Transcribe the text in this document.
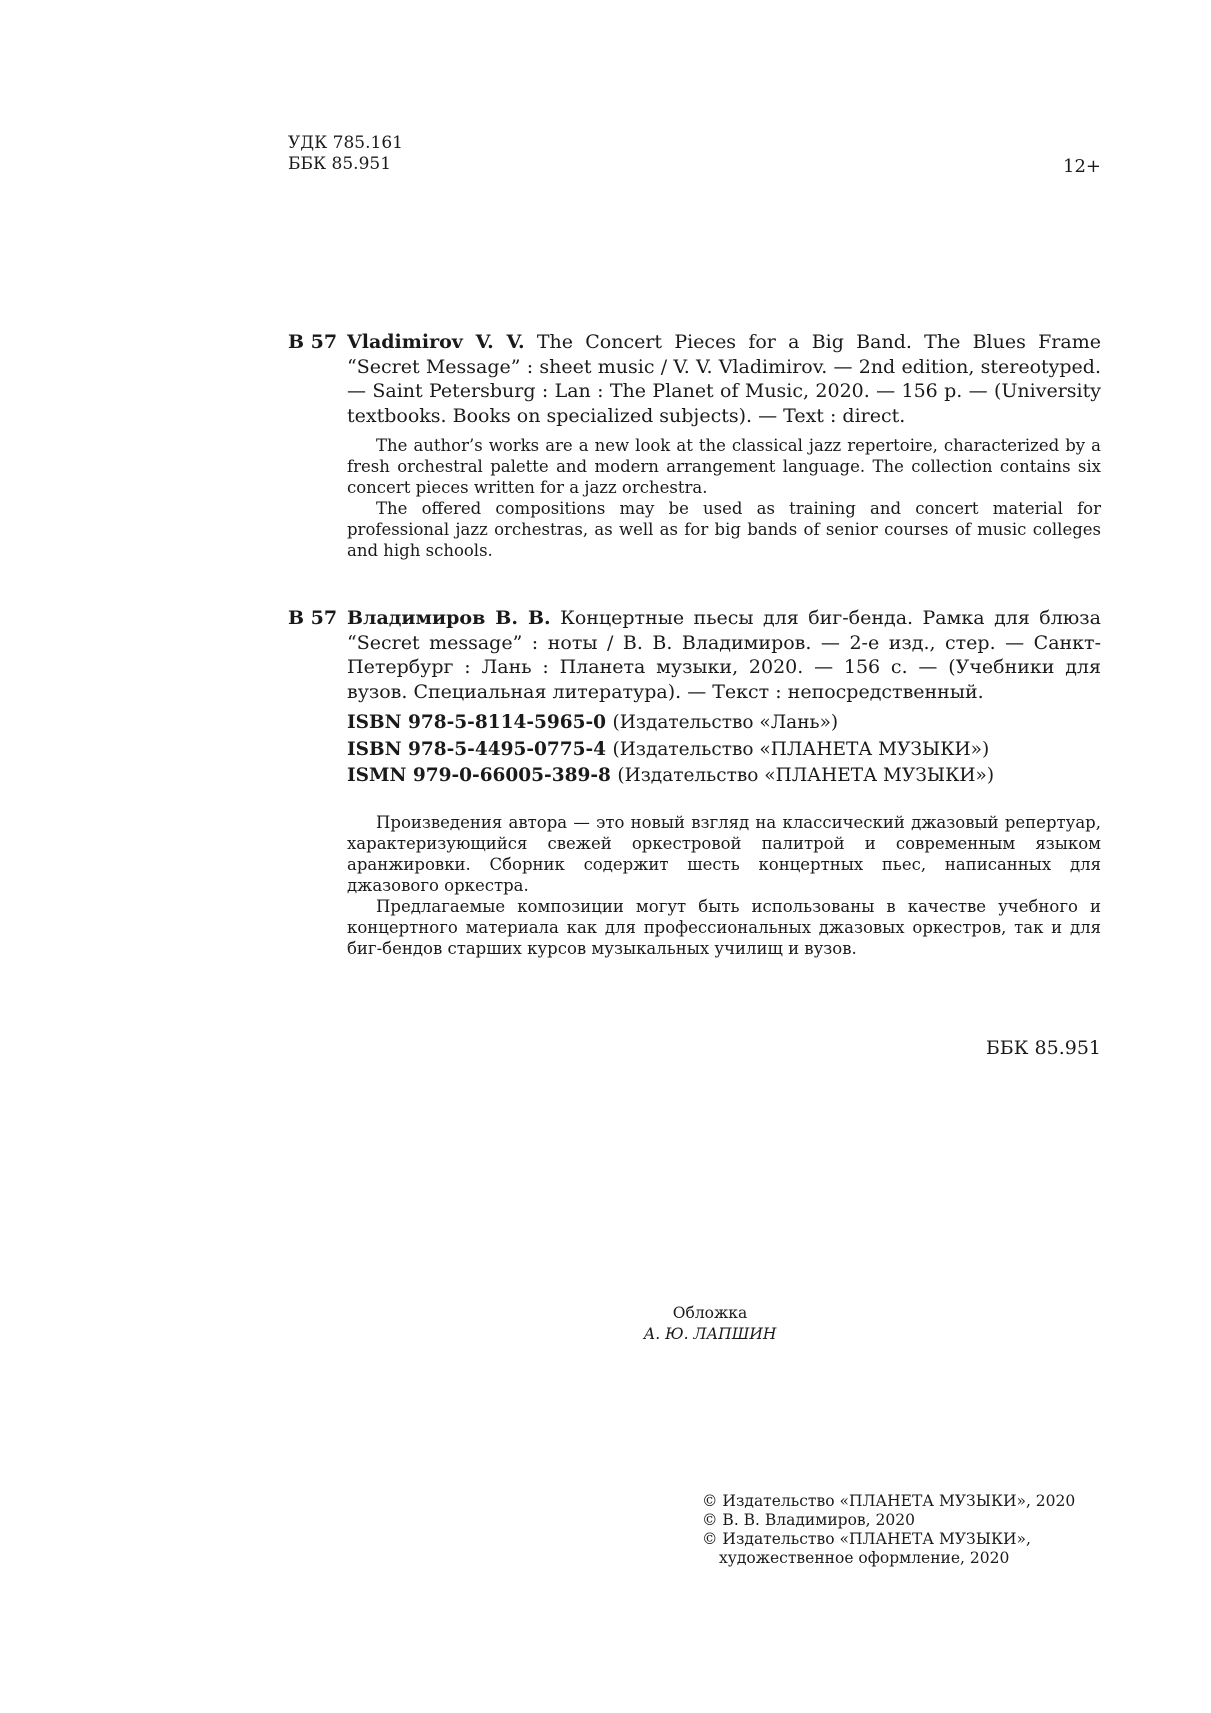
УДК 785.161
ББК 85.951	12+
В 57 Vladimirov V. V. The Concert Pieces for a Big Band. The Blues Frame “Secret Message” : sheet music / V. V. Vladimirov. — 2nd edition, stereotyped. — Saint Petersburg : Lan : The Planet of Music, 2020. — 156 p. — (University textbooks. Books on specialized subjects). — Text : direct.

The author’s works are a new look at the classical jazz repertoire, characterized by a fresh orchestral palette and modern arrangement language. The collection contains six concert pieces written for a jazz orchestra.

The offered compositions may be used as training and concert material for professional jazz orchestras, as well as for big bands of senior courses of music colleges and high schools.

В 57 Владимиров В. В. Концертные пьесы для биг-бенда. Рамка для блюза “Secret message” : ноты / В. В. Владимиров. — 2-е изд., стер. — Санкт-Петербург : Лань : Планета музыки, 2020. — 156 с. — (Учебники для вузов. Специальная литература). — Текст : непосредственный.
ISBN 978-5-8114-5965-0 (Издательство «Лань»)
ISBN 978-5-4495-0775-4 (Издательство «ПЛАНЕТА МУЗЫКИ»)
ISMN 979-0-66005-389-8 (Издательство «ПЛАНЕТА МУЗЫКИ»)

Произведения автора — это новый взгляд на классический джазовый репертуар, характеризующийся свежей оркестровой палитрой и современным языком аранжировки. Сборник содержит шесть концертных пьес, написанных для джазового оркестра.

Предлагаемые композиции могут быть использованы в качестве учебного и концертного материала как для профессиональных джазовых оркестров, так и для биг-бендов старших курсов музыкальных училищ и вузов.

ББК 85.951
Обложка
А. Ю. ЛАПШИН
© Издательство «ПЛАНЕТА МУЗЫКИ», 2020
© В. В. Владимиров, 2020
© Издательство «ПЛАНЕТА МУЗЫКИ», художественное оформление, 2020
